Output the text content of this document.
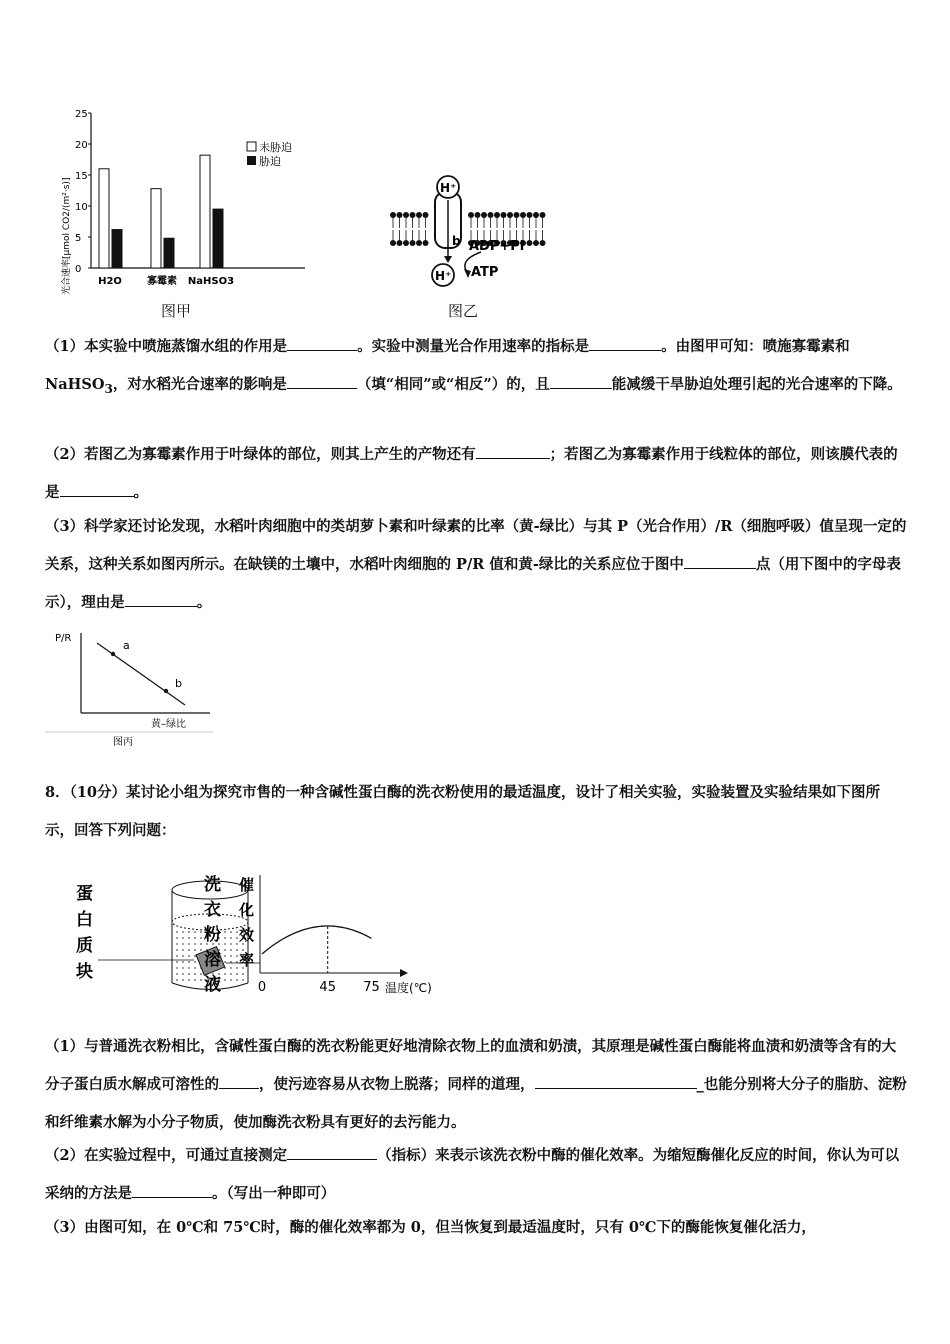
光合速率[μmol CO2/(m²·s)] 0
5
10
15
20
25
H2O	寡霉素 NaHSO3
未胁迫
胁迫
图甲
H⁺
b
H⁺
ADP+Pi
ATP
图乙
（1）本实验中喷施蒸馏水组的作用是	。实验中测量光合作用速率的指标是	。由图甲可知：喷施寡霉素和NaHSO$_3$，对水稻光合速率的影响是	（填“相同”或“相反”）的，且	能减缓干旱胁迫处理引起的光合速率的下降。
（2）若图乙为寡霉素作用于叶绿体的部位，则其上产生的产物还有	；若图乙为寡霉素作用于线粒体的部位，则该膜代表的是	。
（3）科学家还讨论发现，水稻叶肉细胞中的类胡萝卜素和叶绿素的比率（黄-绿比）与其 P（光合作用）/R（细胞呼吸）值呈现一定的关系，这种关系如图丙所示。在缺镁的土壤中，水稻叶肉细胞的 P/R 值和黄-绿比的关系应位于图中	点（用下图中的字母表示），理由是	。
P/R
a
b
黄–绿比
图丙
8．（10分）某讨论小组为探究市售的一种含碱性蛋白酶的洗衣粉使用的最适温度，设计了相关实验，实验装置及实验结果如下图所示，回答下列问题：
蛋
白
质
块
洗
衣
粉
溶
液
催
化
效
率
0	45 75 温度(℃)
（1）与普通洗衣粉相比，含碱性蛋白酶的洗衣粉能更好地清除衣物上的血渍和奶渍，其原理是碱性蛋白酶能将血渍和奶渍等含有的大分子蛋白质水解成可溶性的	，使污迹容易从衣物上脱落；同样的道理，	_也能分别将大分子的脂肪、淀粉和纤维素水解为小分子物质，使加酶洗衣粉具有更好的去污能力。
（2）在实验过程中，可通过直接测定	（指标）来表示该洗衣粉中酶的催化效率。为缩短酶催化反应的时间，你认为可以采纳的方法是	。（写出一种即可）
（3）由图可知，在 0℃和 75℃时，酶的催化效率都为 0，但当恢复到最适温度时，只有 0℃下的酶能恢复催化活力，
